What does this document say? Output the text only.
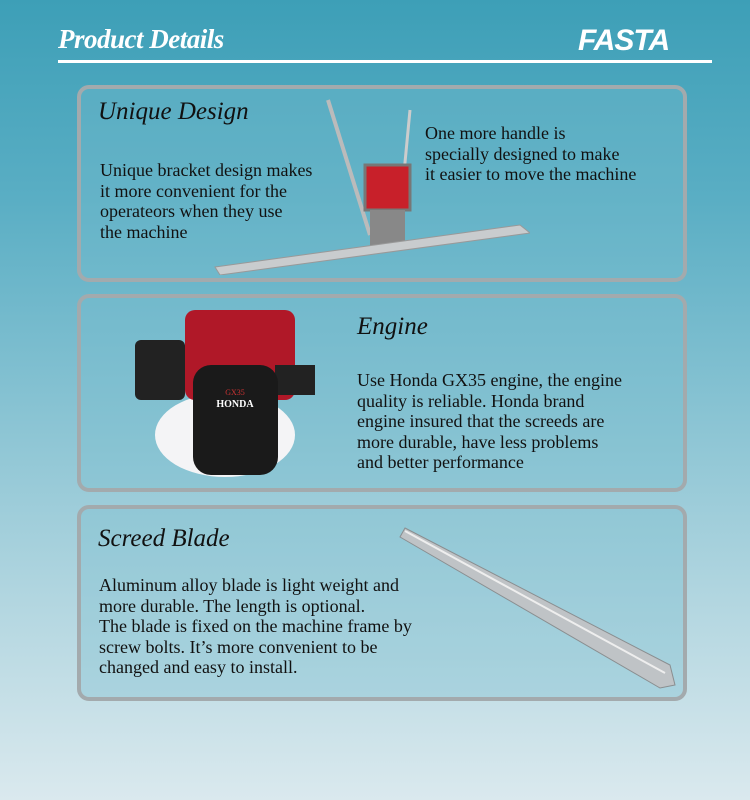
Product Details	FASTA
Unique Design
Unique bracket design makes
it more convenient for the
operateors when they use
the machine
One more handle is
specially designed to make
it easier to move the machine
GX35
HONDA
Engine
Use Honda GX35 engine, the engine
quality is reliable. Honda brand
engine insured that the screeds are
more durable, have less problems
and better performance
Screed Blade
Aluminum alloy blade is light weight and
more durable. The length is optional.
The blade is fixed on the machine frame by
screw bolts. It’s more convenient to be
changed and easy to install.
